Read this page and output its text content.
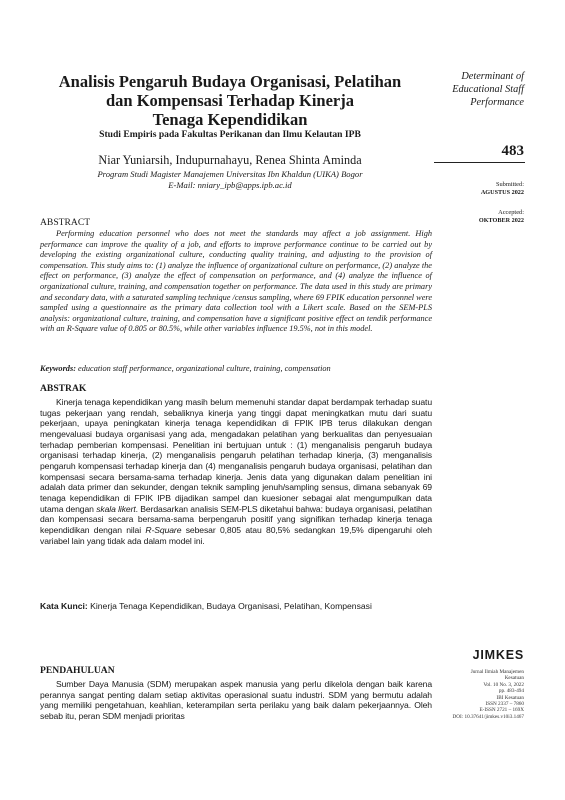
Analisis Pengaruh Budaya Organisasi, Pelatihan
dan Kompensasi Terhadap Kinerja
Tenaga Kependidikan
Studi Empiris pada Fakultas Perikanan dan Ilmu Kelautan IPB
Niar Yuniarsih, Indupurnahayu, Renea Shinta Aminda
Program Studi Magister Manajemen Universitas Ibn Khaldun (UIKA) Bogor
E-Mail: nniary_ipb@apps.ipb.ac.id
Determinant of
Educational Staff
Performance
483
Submitted:
AGUSTUS 2022
Accepted:
OKTOBER 2022
ABSTRACT
Performing education personnel who does not meet the standards may affect a job assignment. High performance can improve the quality of a job, and efforts to improve performance continue to be carried out by developing the existing organizational culture, conducting quality training, and adjusting to the provision of compensation. This study aims to: (1) analyze the influence of organizational culture on performance, (2) analyze the effect on performance, (3) analyze the effect of compensation on performance, and (4) analyze the influence of organizational culture, training, and compensation together on performance. The data used in this study are primary and secondary data, with a saturated sampling technique /census sampling, where 69 FPIK education personnel were sampled using a questionnaire as the primary data collection tool with a Likert scale. Based on the SEM-PLS analysis: organizational culture, training, and compensation have a significant positive effect on tendik performance with an R-Square value of 0.805 or 80.5%, while other variables influence 19.5%, not in this model.
Keywords: education staff performance, organizational culture, training, compensation
ABSTRAK

Kinerja tenaga kependidikan yang masih belum memenuhi standar dapat berdampak terhadap suatu tugas pekerjaan yang rendah, sebaliknya kinerja yang tinggi dapat meningkatkan mutu dari suatu pekerjaan, upaya peningkatan kinerja tenaga kependidikan di FPIK IPB terus dilakukan dengan mengevaluasi budaya organisasi yang ada, mengadakan pelatihan yang berkualitas dan penyesuaian terhadap pemberian kompensasi. Penelitian ini bertujuan untuk : (1) menganalisis pengaruh budaya organisasi terhadap kinerja, (2) menganalisis pengaruh pelatihan terhadap kinerja, (3) menganalisis pengaruh kompensasi terhadap kinerja dan (4) menganalisis pengaruh budaya organisasi, pelatihan dan kompensasi secara bersama-sama terhadap kinerja. Jenis data yang digunakan dalam penelitian ini adalah data primer dan sekunder, dengan teknik sampling jenuh/sampling sensus, dimana sebanyak 69 tenaga kependidikan di FPIK IPB dijadikan sampel dan kuesioner sebagai alat mengumpulkan data utama dengan skala likert. Berdasarkan analisis SEM-PLS diketahui bahwa: budaya organisasi, pelatihan dan kompensasi secara bersama-sama berpengaruh positif yang signifikan terhadap kinerja tenaga kependidikan dengan nilai R-Square sebesar 0,805 atau 80,5% sedangkan 19,5% dipengaruhi oleh variabel lain yang tidak ada dalam model ini.

Kata Kunci: Kinerja Tenaga Kependidikan, Budaya Organisasi, Pelatihan, Kompensasi
JIMKES
Jurnal Ilmiah Manajemen
Kesatuan
Vol. 10 No. 3, 2022
pp. 483-494
IBI Kesatuan
ISSN 2337 – 7860
E-ISSN 2721 – 169X
DOI: 10.37641/jimkes.v10i3.1467
PENDAHULUAN

Sumber Daya Manusia (SDM) merupakan aspek manusia yang perlu dikelola dengan baik karena perannya sangat penting dalam setiap aktivitas operasional suatu industri. SDM yang bermutu adalah yang memiliki pengetahuan, keahlian, keterampilan serta perilaku yang baik dalam pekerjaannya. Oleh sebab itu, peran SDM menjadi prioritas
